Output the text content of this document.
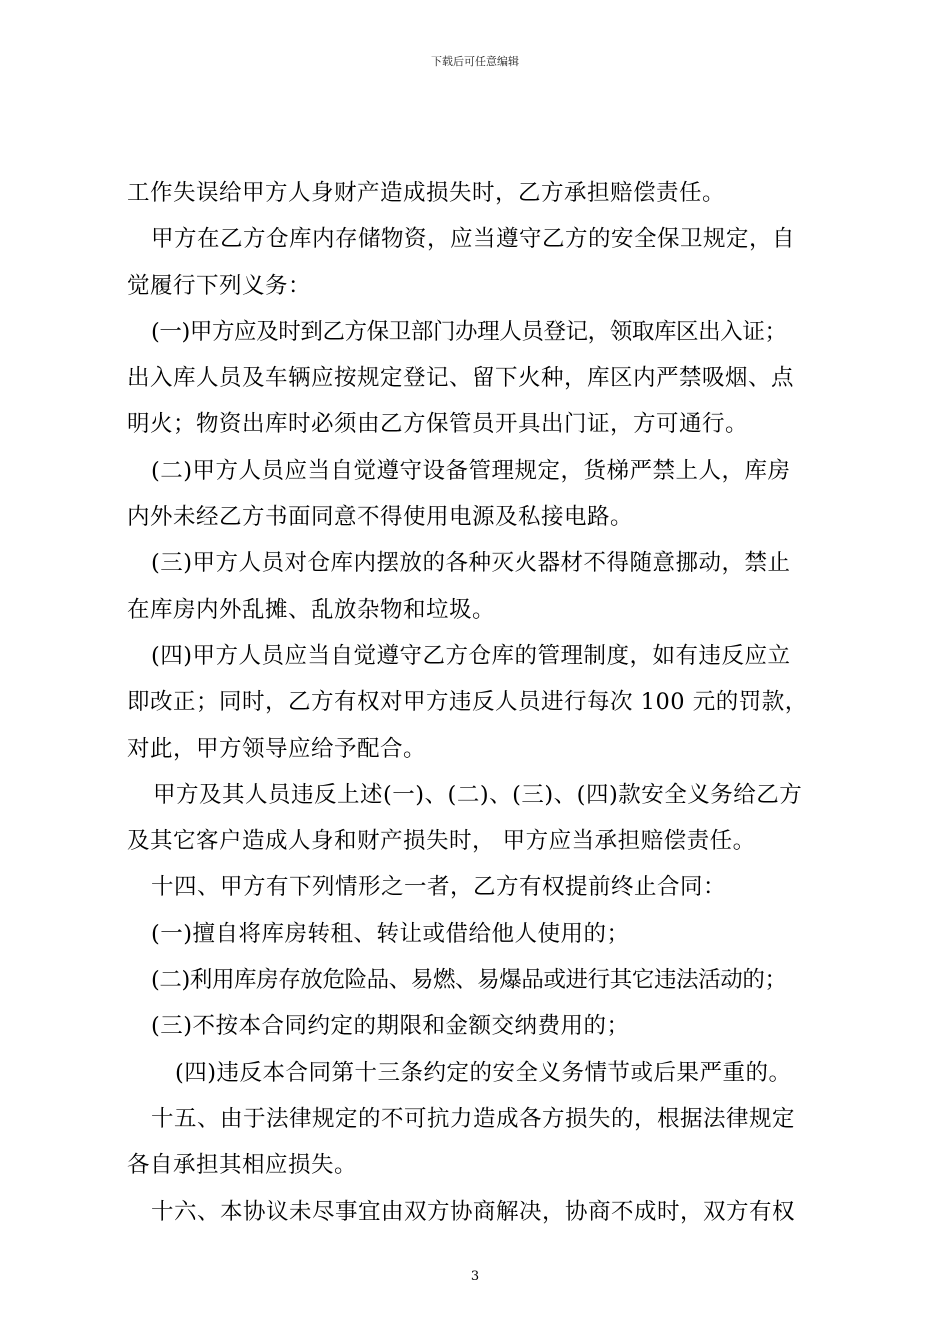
下载后可任意编辑
工作失误给甲方人身财产造成损失时，乙方承担赔偿责任。
甲方在乙方仓库内存储物资，应当遵守乙方的安全保卫规定，自
觉履行下列义务：
(一)甲方应及时到乙方保卫部门办理人员登记，领取库区出入证；
出入库人员及车辆应按规定登记、留下火种，库区内严禁吸烟、点
明火；物资出库时必须由乙方保管员开具出门证，方可通行。
(二)甲方人员应当自觉遵守设备管理规定，货梯严禁上人，库房
内外未经乙方书面同意不得使用电源及私接电路。
(三)甲方人员对仓库内摆放的各种灭火器材不得随意挪动，禁止
在库房内外乱摊、乱放杂物和垃圾。
(四)甲方人员应当自觉遵守乙方仓库的管理制度，如有违反应立
即改正；同时，乙方有权对甲方违反人员进行每次 100 元的罚款，
对此，甲方领导应给予配合。
甲方及其人员违反上述(一)、(二)、(三)、(四)款安全义务给乙方
及其它客户造成人身和财产损失时， 甲方应当承担赔偿责任。
十四、甲方有下列情形之一者，乙方有权提前终止合同：
(一)擅自将库房转租、转让或借给他人使用的；
(二)利用库房存放危险品、易燃、易爆品或进行其它违法活动的；
(三)不按本合同约定的期限和金额交纳费用的；
(四)违反本合同第十三条约定的安全义务情节或后果严重的。
十五、由于法律规定的不可抗力造成各方损失的，根据法律规定
各自承担其相应损失。
十六、本协议未尽事宜由双方协商解决，协商不成时，双方有权
3
